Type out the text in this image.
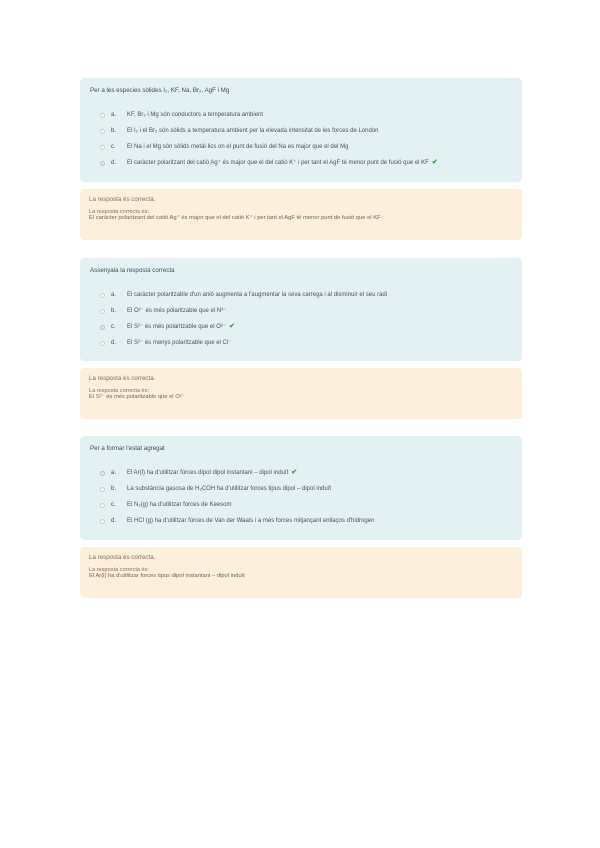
Per a les especies sòlides I₂, KF, Na, Br₂, AgF i Mg
a.	KF, Br₂ i Mg són conductors a temperatura ambient
b.	El I₂ i el Br₂ són sòlids a temperatura ambient per la elevada intensitat de les forces de London
c.	El Na i el Mg són sòlids metàl·lics on el punt de fusió del Na es major que el del Mg
d.	El caràcter polaritzant del catió Ag⁺ és major que el del catió K⁺ i per tant el AgF té menor punt de fusió que el KF ✔
La resposta és correcta.
La resposta correcta és:
El caràcter polaritzant del catió Ag⁺ és major que el del catió K⁺ i per tant el AgF té menor punt de fusió que el KF
Assenyala la resposta correcta
a.	El caràcter polaritzable d'un anió augmenta a l'augmentar la seva carrega i al disminuir el seu radi
b.	El O²⁻ és més polaritzable que el N³⁻
c.	El S²⁻ és més polaritzable que el O²⁻ ✔
d.	El S²⁻ és menys polaritzable que el Cl⁻
La resposta és correcta.
La resposta correcta és:
El S²⁻ és més polaritzable que el O²⁻
Per a formar l'estat agregat
a.	El Ar(l) ha d'utilitzar forces dipol dipol instantani – dipol induït ✔
b.	La substància gasosa de H₃COH ha d'utilitzar forces tipus dipol – dipol induït
c.	El N₂(g) ha d'utilitzar forces de Keesom
d.	El HCl (g) ha d'utilitzar forces de Van der Waals i a més forces mitjançant enllaços d'hidrogen
La resposta és correcta.
La resposta correcta és:
El Ar(l) ha d'utilitzar forces tipus dipol instantani – dipol induït
